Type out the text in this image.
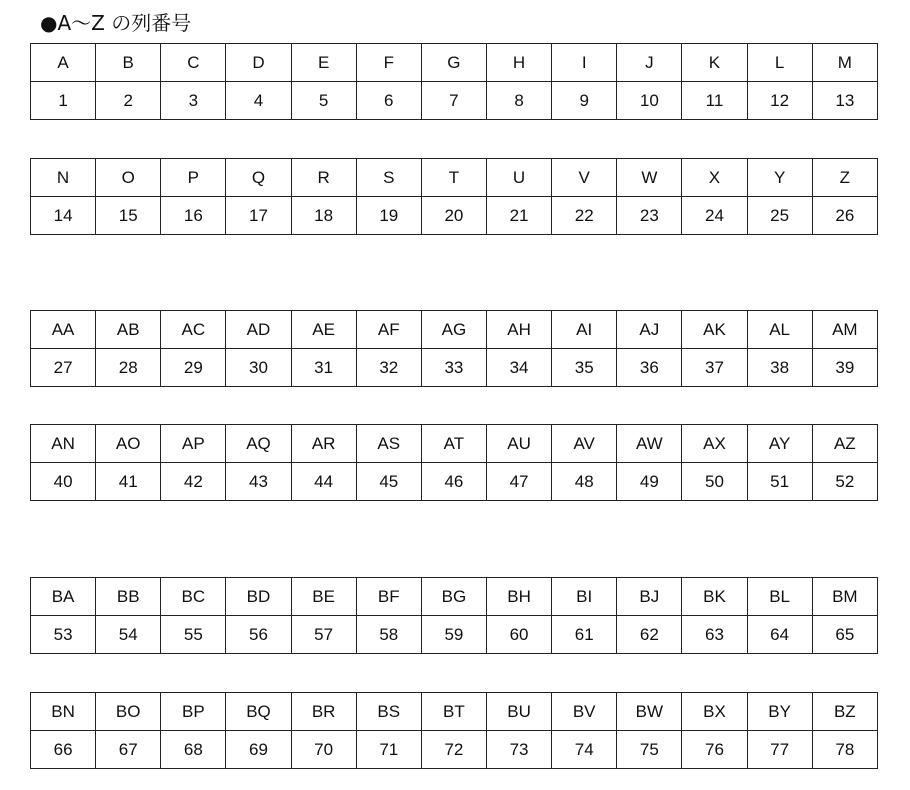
●A～Z の列番号
A	B	C	D	E	F	G	H	I	J	K	L	M
1	2	3	4	5	6	7	8	9	10	11	12	13
N	O	P	Q	R	S	T	U	V	W	X	Y	Z
14	15	16	17	18	19	20	21	22	23	24	25	26
AA	AB	AC	AD	AE	AF	AG	AH	AI	AJ	AK	AL	AM
27	28	29	30	31	32	33	34	35	36	37	38	39
AN	AO	AP	AQ	AR	AS	AT	AU	AV	AW	AX	AY	AZ
40	41	42	43	44	45	46	47	48	49	50	51	52
BA	BB	BC	BD	BE	BF	BG	BH	BI	BJ	BK	BL	BM
53	54	55	56	57	58	59	60	61	62	63	64	65
BN	BO	BP	BQ	BR	BS	BT	BU	BV	BW	BX	BY	BZ
66	67	68	69	70	71	72	73	74	75	76	77	78
